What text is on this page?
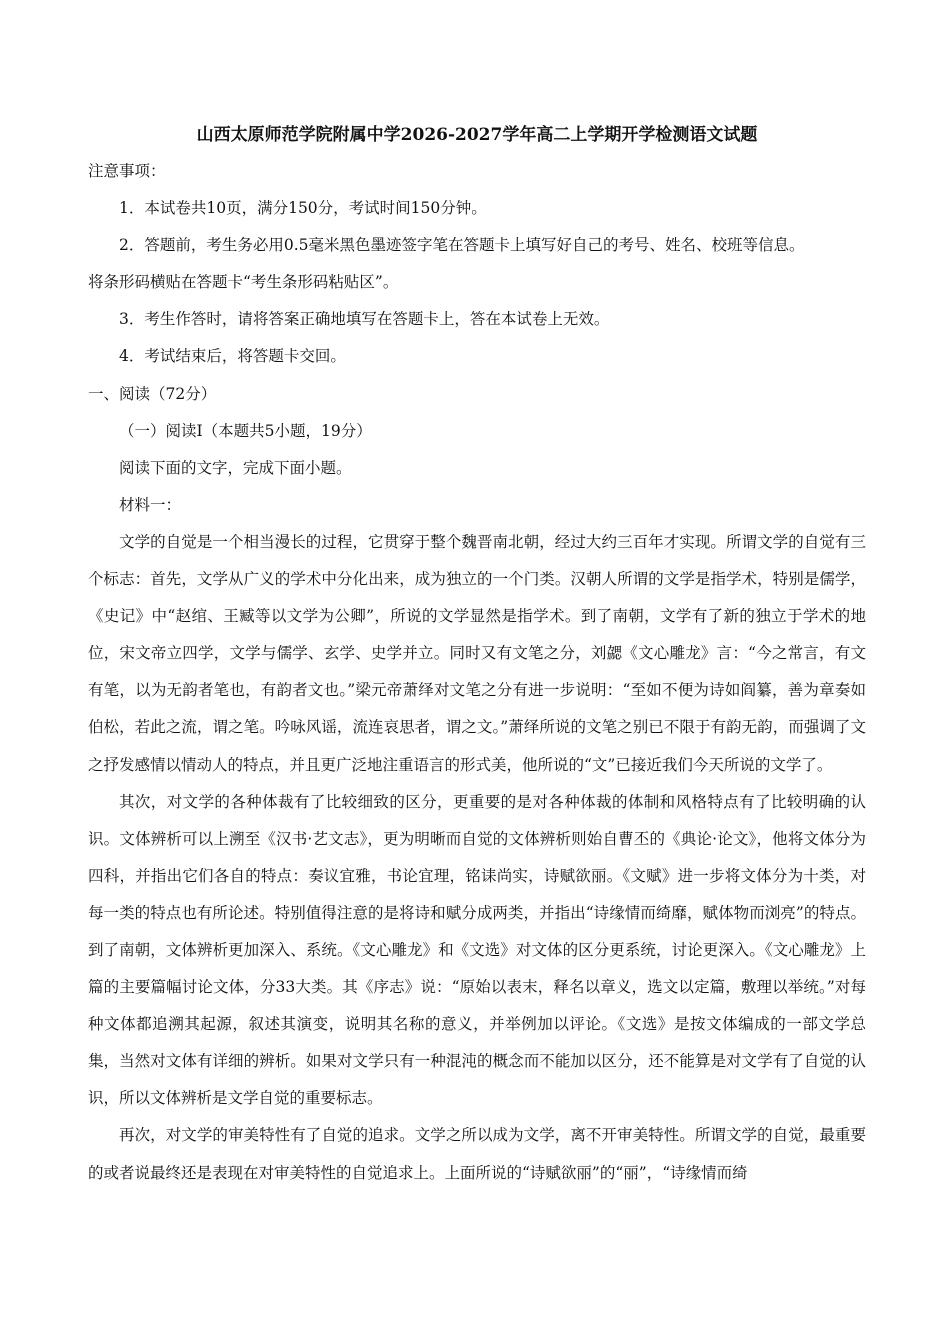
山西太原师范学院附属中学2026-2027学年高二上学期开学检测语文试题
注意事项：
1．本试卷共10页，满分150分，考试时间150分钟。
2．答题前，考生务必用0.5毫米黑色墨迹签字笔在答题卡上填写好自己的考号、姓名、校班等信息。
将条形码横贴在答题卡“考生条形码粘贴区”。
3．考生作答时，请将答案正确地填写在答题卡上，答在本试卷上无效。
4．考试结束后，将答题卡交回。
一、阅读（72分）
（一）阅读Ⅰ（本题共5小题，19分）
阅读下面的文字，完成下面小题。
材料一：

文学的自觉是一个相当漫长的过程，它贯穿于整个魏晋南北朝，经过大约三百年才实现。所谓文学的自觉有三个标志：首先，文学从广义的学术中分化出来，成为独立的一个门类。汉朝人所谓的文学是指学术，特别是儒学，《史记》中“赵绾、王臧等以文学为公卿”，所说的文学显然是指学术。到了南朝，文学有了新的独立于学术的地位，宋文帝立四学，文学与儒学、玄学、史学并立。同时又有文笔之分，刘勰《文心雕龙》言：“今之常言，有文有笔，以为无韵者笔也，有韵者文也。”梁元帝萧绎对文笔之分有进一步说明：“至如不便为诗如阎纂，善为章奏如伯松，若此之流，谓之笔。吟咏风谣，流连哀思者，谓之文。”萧绎所说的文笔之别已不限于有韵无韵，而强调了文之抒发感情以情动人的特点，并且更广泛地注重语言的形式美，他所说的“文”已接近我们今天所说的文学了。

其次，对文学的各种体裁有了比较细致的区分，更重要的是对各种体裁的体制和风格特点有了比较明确的认识。文体辨析可以上溯至《汉书·艺文志》，更为明晰而自觉的文体辨析则始自曹丕的《典论·论文》，他将文体分为四科，并指出它们各自的特点：奏议宜雅，书论宜理，铭诔尚实，诗赋欲丽。《文赋》进一步将文体分为十类，对每一类的特点也有所论述。特别值得注意的是将诗和赋分成两类，并指出“诗缘情而绮靡，赋体物而浏亮”的特点。到了南朝，文体辨析更加深入、系统。《文心雕龙》和《文选》对文体的区分更系统，讨论更深入。《文心雕龙》上篇的主要篇幅讨论文体，分33大类。其《序志》说：“原始以表末，释名以章义，选文以定篇，敷理以举统。”对每种文体都追溯其起源，叙述其演变，说明其名称的意义，并举例加以评论。《文选》是按文体编成的一部文学总集，当然对文体有详细的辨析。如果对文学只有一种混沌的概念而不能加以区分，还不能算是对文学有了自觉的认识，所以文体辨析是文学自觉的重要标志。

再次，对文学的审美特性有了自觉的追求。文学之所以成为文学，离不开审美特性。所谓文学的自觉，最重要的或者说最终还是表现在对审美特性的自觉追求上。上面所说的“诗赋欲丽”的“丽”，“诗缘情而绮
